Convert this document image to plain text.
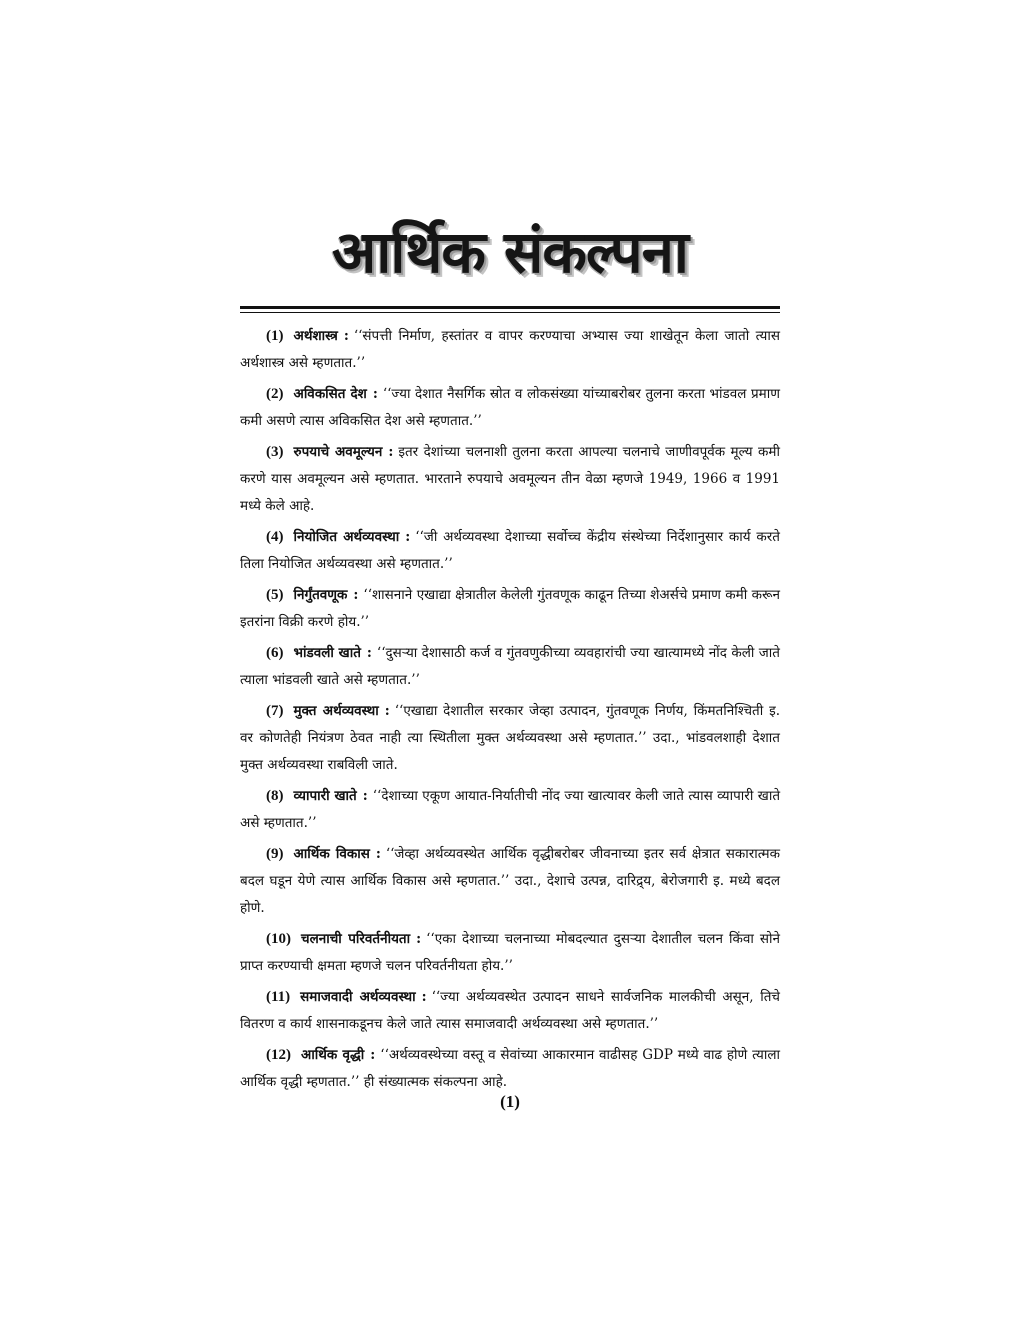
आर्थिक संकल्पना

(1) अर्थशास्त्र : ‘‘संपत्ती निर्माण, हस्तांतर व वापर करण्याचा अभ्यास ज्या शाखेतून केला जातो त्यास अर्थशास्त्र असे म्हणतात.’’

(2) अविकसित देश : ‘‘ज्या देशात नैसर्गिक स्रोत व लोकसंख्या यांच्याबरोबर तुलना करता भांडवल प्रमाण कमी असणे त्यास अविकसित देश असे म्हणतात.’’

(3) रुपयाचे अवमूल्यन : इतर देशांच्या चलनाशी तुलना करता आपल्या चलनाचे जाणीवपूर्वक मूल्य कमी करणे यास अवमूल्यन असे म्हणतात. भारताने रुपयाचे अवमूल्यन तीन वेळा म्हणजे 1949, 1966 व 1991 मध्ये केले आहे.

(4) नियोजित अर्थव्यवस्था : ‘‘जी अर्थव्यवस्था देशाच्या सर्वोच्च केंद्रीय संस्थेच्या निर्देशानुसार कार्य करते तिला नियोजित अर्थव्यवस्था असे म्हणतात.’’

(5) निर्गुंतवणूक : ‘‘शासनाने एखाद्या क्षेत्रातील केलेली गुंतवणूक काढून तिच्या शेअर्सचे प्रमाण कमी करून इतरांना विक्री करणे होय.’’

(6) भांडवली खाते : ‘‘दुसऱ्या देशासाठी कर्ज व गुंतवणुकीच्या व्यवहारांची ज्या खात्यामध्ये नोंद केली जाते त्याला भांडवली खाते असे म्हणतात.’’

(7) मुक्त अर्थव्यवस्था : ‘‘एखाद्या देशातील सरकार जेव्हा उत्पादन, गुंतवणूक निर्णय, किंमतनिश्चिती इ. वर कोणतेही नियंत्रण ठेवत नाही त्या स्थितीला मुक्त अर्थव्यवस्था असे म्हणतात.’’ उदा., भांडवलशाही देशात मुक्त अर्थव्यवस्था राबविली जाते.

(8) व्यापारी खाते : ‘‘देशाच्या एकूण आयात-निर्यातीची नोंद ज्या खात्यावर केली जाते त्यास व्यापारी खाते असे म्हणतात.’’

(9) आर्थिक विकास : ‘‘जेव्हा अर्थव्यवस्थेत आर्थिक वृद्धीबरोबर जीवनाच्या इतर सर्व क्षेत्रात सकारात्मक बदल घडून येणे त्यास आर्थिक विकास असे म्हणतात.’’ उदा., देशाचे उत्पन्न, दारिद्र्य, बेरोजगारी इ. मध्ये बदल होणे.

(10) चलनाची परिवर्तनीयता : ‘‘एका देशाच्या चलनाच्या मोबदल्यात दुसऱ्या देशातील चलन किंवा सोने प्राप्त करण्याची क्षमता म्हणजे चलन परिवर्तनीयता होय.’’

(11) समाजवादी अर्थव्यवस्था : ‘‘ज्या अर्थव्यवस्थेत उत्पादन साधने सार्वजनिक मालकीची असून, तिचे वितरण व कार्य शासनाकडूनच केले जाते त्यास समाजवादी अर्थव्यवस्था असे म्हणतात.’’

(12) आर्थिक वृद्धी : ‘‘अर्थव्यवस्थेच्या वस्तू व सेवांच्या आकारमान वाढीसह GDP मध्ये वाढ होणे त्याला आर्थिक वृद्धी म्हणतात.’’ ही संख्यात्मक संकल्पना आहे.

(1)
